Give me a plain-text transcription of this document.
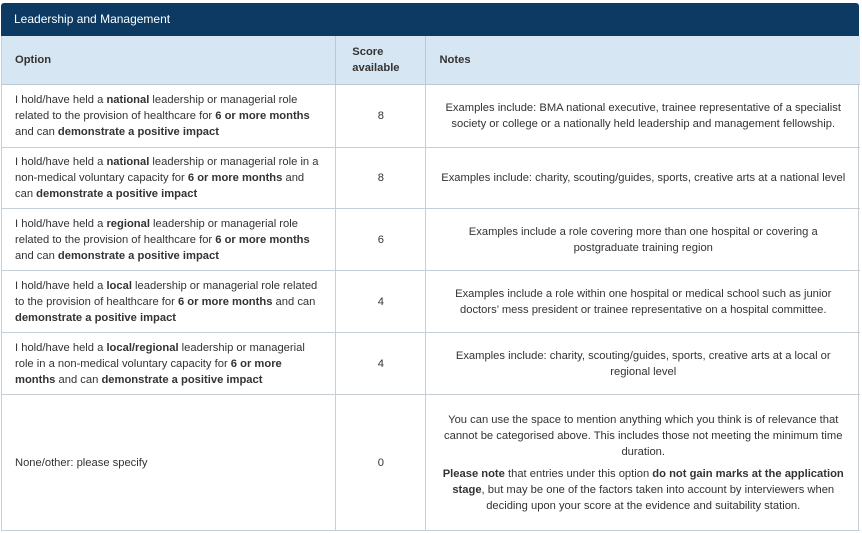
Leadership and Management
Option	Score available	Notes
I hold/have held a national leadership or managerial role related to the provision of healthcare for 6 or more months and can demonstrate a positive impact	8	Examples include: BMA national executive, trainee representative of a specialist society or college or a nationally held leadership and management fellowship.

I hold/have held a national leadership or managerial role in a non-medical voluntary capacity for 6 or more months and can demonstrate a positive impact	8	Examples include: charity, scouting/guides, sports, creative arts at a national level

I hold/have held a regional leadership or managerial role related to the provision of healthcare for 6 or more months and can demonstrate a positive impact	6	Examples include a role covering more than one hospital or covering a postgraduate training region

I hold/have held a local leadership or managerial role related to the provision of healthcare for 6 or more months and can demonstrate a positive impact	4	Examples include a role within one hospital or medical school such as junior doctors’ mess president or trainee representative on a hospital committee.

I hold/have held a local/regional leadership or managerial role in a non-medical voluntary capacity for 6 or more months and can demonstrate a positive impact	4	Examples include: charity, scouting/guides, sports, creative arts at a local or regional level

None/other: please specify	0	You can use the space to mention anything which you think is of relevance that cannot be categorised above. This includes those not meeting the minimum time duration.

Please note that entries under this option do not gain marks at the application stage, but may be one of the factors taken into account by interviewers when deciding upon your score at the evidence and suitability station.
